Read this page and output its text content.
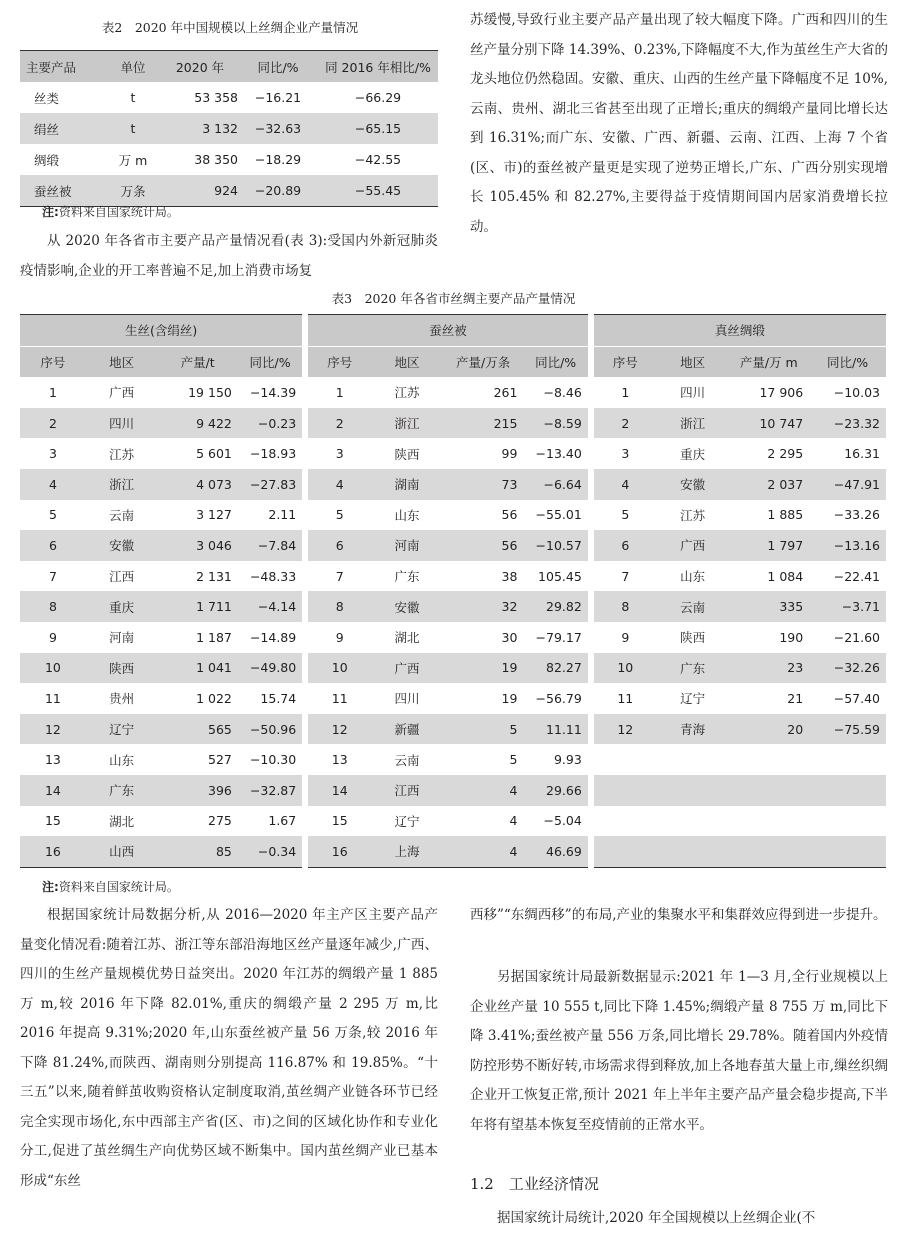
表2　2020 年中国规模以上丝绸企业产量情况
主要产品	单位	2020 年	同比/%	同 2016 年相比/%
丝类	t	53 358	−16.21	−66.29
绢丝	t	3 132	−32.63	−65.15
绸缎	万 m	38 350	−18.29	−42.55
蚕丝被	万条	924	−20.89	−55.45
注:资料来自国家统计局。
从 2020 年各省市主要产品产量情况看(表 3):受国内外新冠肺炎疫情影响,企业的开工率普遍不足,加上消费市场复
苏缓慢,导致行业主要产品产量出现了较大幅度下降。广西和四川的生丝产量分别下降 14.39%、0.23%,下降幅度不大,作为茧丝生产大省的龙头地位仍然稳固。安徽、重庆、山西的生丝产量下降幅度不足 10%,云南、贵州、湖北三省甚至出现了正增长;重庆的绸缎产量同比增长达到 16.31%;而广东、安徽、广西、新疆、云南、江西、上海 7 个省(区、市)的蚕丝被产量更是实现了逆势正增长,广东、广西分别实现增长 105.45% 和 82.27%,主要得益于疫情期间国内居家消费增长拉动。
表3　2020 年各省市丝绸主要产品产量情况
生丝(含绢丝)				蚕丝被				真丝绸缎			
序号	地区	产量/t	同比/%	序号	地区	产量/万条	同比/%	序号	地区	产量/万 m	同比/%
1	广西	19 150	−14.39	1	江苏	261	−8.46	1	四川	17 906	−10.03
2	四川	9 422	−0.23	2	浙江	215	−8.59	2	浙江	10 747	−23.32
3	江苏	5 601	−18.93	3	陕西	99	−13.40	3	重庆	2 295	16.31
4	浙江	4 073	−27.83	4	湖南	73	−6.64	4	安徽	2 037	−47.91
5	云南	3 127	2.11	5	山东	56	−55.01	5	江苏	1 885	−33.26
6	安徽	3 046	−7.84	6	河南	56	−10.57	6	广西	1 797	−13.16
7	江西	2 131	−48.33	7	广东	38	105.45	7	山东	1 084	−22.41
8	重庆	1 711	−4.14	8	安徽	32	29.82	8	云南	335	−3.71
9	河南	1 187	−14.89	9	湖北	30	−79.17	9	陕西	190	−21.60
10	陕西	1 041	−49.80	10	广西	19	82.27	10	广东	23	−32.26
11	贵州	1 022	15.74	11	四川	19	−56.79	11	辽宁	21	−57.40
12	辽宁	565	−50.96	12	新疆	5	11.11	12	青海	20	−75.59
13	山东	527	−10.30	13	云南	5	9.93				
14	广东	396	−32.87	14	江西	4	29.66				
15	湖北	275	1.67	15	辽宁	4	−5.04				
16	山西	85	−0.34	16	上海	4	46.69				
注:资料来自国家统计局。
根据国家统计局数据分析,从 2016—2020 年主产区主要产品产量变化情况看:随着江苏、浙江等东部沿海地区丝产量逐年减少,广西、四川的生丝产量规模优势日益突出。2020 年江苏的绸缎产量 1 885 万 m,较 2016 年下降 82.01%,重庆的绸缎产量 2 295 万 m,比 2016 年提高 9.31%;2020 年,山东蚕丝被产量 56 万条,较 2016 年下降 81.24%,而陕西、湖南则分别提高 116.87% 和 19.85%。“十三五”以来,随着鲜茧收购资格认定制度取消,茧丝绸产业链各环节已经完全实现市场化,东中西部主产省(区、市)之间的区域化协作和专业化分工,促进了茧丝绸生产向优势区域不断集中。国内茧丝绸产业已基本形成“东丝
西移”“东绸西移”的布局,产业的集聚水平和集群效应得到进一步提升。
另据国家统计局最新数据显示:2021 年 1—3 月,全行业规模以上企业丝产量 10 555 t,同比下降 1.45%;绸缎产量 8 755 万 m,同比下降 3.41%;蚕丝被产量 556 万条,同比增长 29.78%。随着国内外疫情防控形势不断好转,市场需求得到释放,加上各地春茧大量上市,缫丝织绸企业开工恢复正常,预计 2021 年上半年主要产品产量会稳步提高,下半年将有望基本恢复至疫情前的正常水平。
1.2　工业经济情况
据国家统计局统计,2020 年全国规模以上丝绸企业(不
